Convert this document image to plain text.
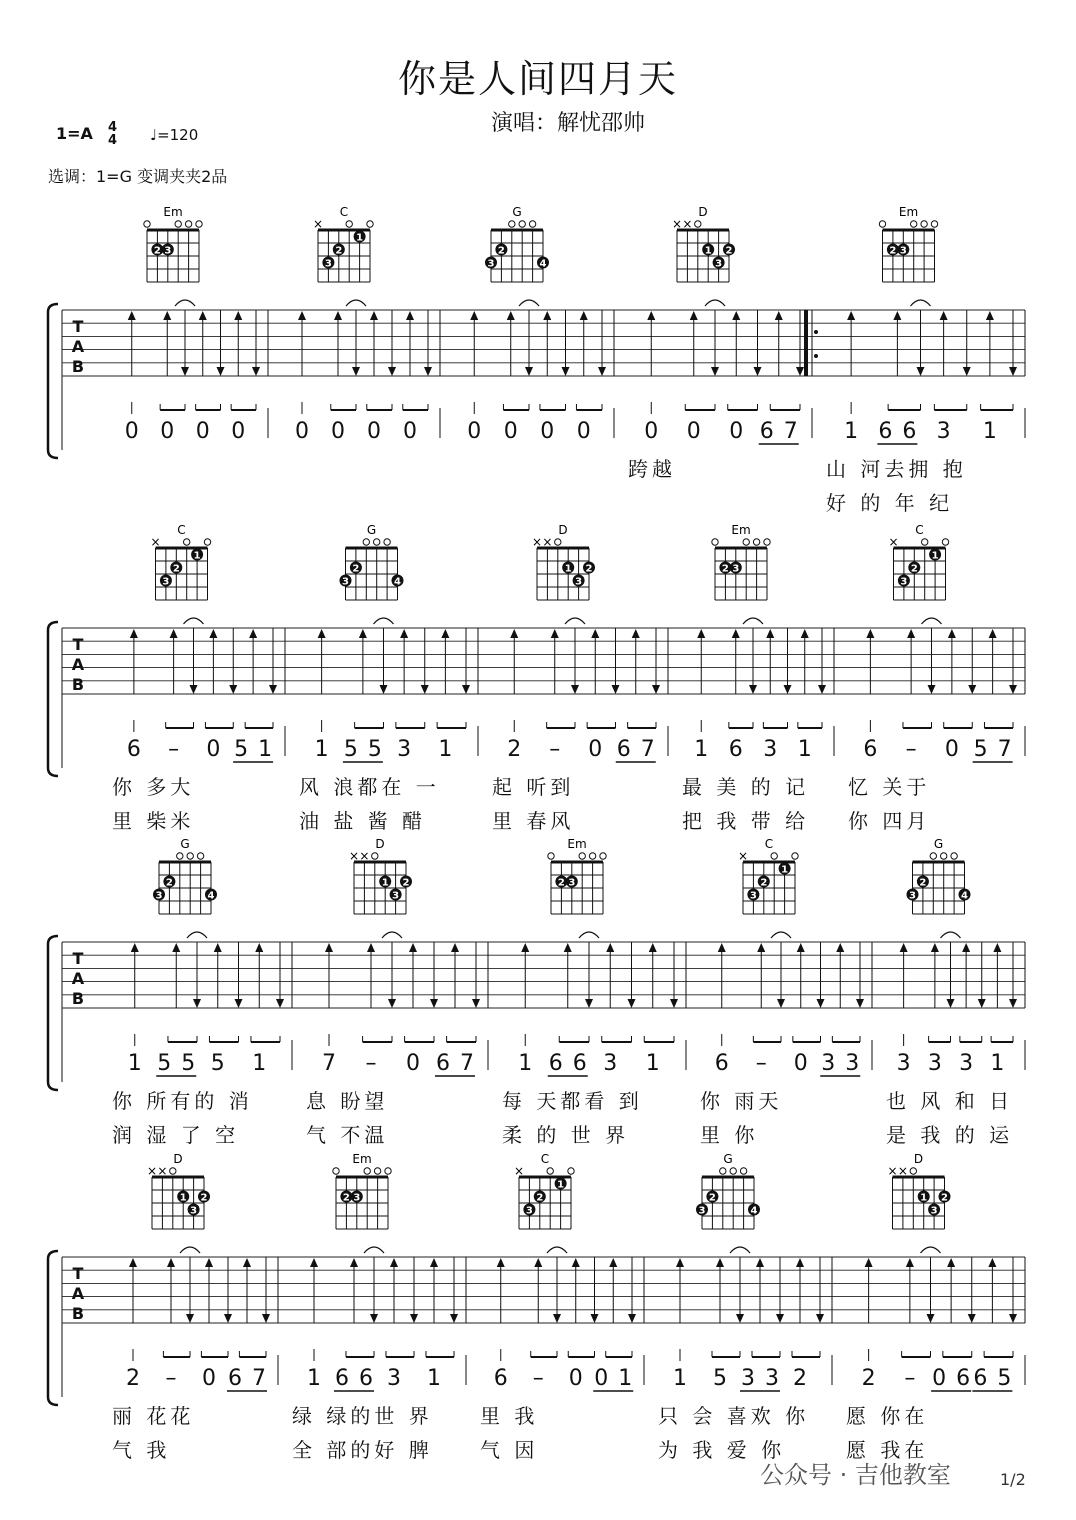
你是人间四月天
演唱：解忧邵帅
1=A 4
4 ♩=120
选调：1=G 变调夹夹2品
T
A
B
Em
2 3
0 0 0 0
C
×
1
2
3
0 0 0 0
G
2
3	4
0 0 0 0
D
× ×
1 2
3
0 0 0 6 7
跨越
Em
2 3
1 6 6 3 1
山 河去拥 抱
好 的 年 纪
T
A
B
C
×
1
2
3
6 – 0 5 1
你 多大
里 柴米
G
2
3	4
1 5 5 3 1
风 浪都在 一
油 盐 酱 醋
D
× ×
1 2
3
2 – 0 6 7
起 听到
里 春风
Em
2 3
1 6 3 1
最 美 的 记
把 我 带 给
C
×
1
2
3
6 – 0 5 7
忆 关于
你 四月
T
A
B
G
2
3	4
1 5 5 5 1
你 所有的 消
润 湿 了 空
D
× ×
1 2
3
7 – 0 6 7
息 盼望
气 不温
Em
2 3
1 6 6 3 1
每 天都看 到
柔 的 世 界
C
×
1
2
3
6 – 0 3 3
你 雨天
里 你
G
2
3	4
3 3 3 1
也 风 和 日
是 我 的 运
T
A
B
D
× ×
1 2
3
2 – 0 6 7
丽 花花
气 我
Em
2 3
1 6 6 3 1
绿 绿的世 界
全 部的好 脾
C
×
1
2
3
6 – 0 0 1
里 我
气 因
G
2
3	4
1 5 3 3 2
只 会 喜欢 你
为 我 爱 你
D
× ×
1 2
3
2 – 0 6 6 5
愿 你在
愿 我在
公众号 · 吉他教室	1/2
